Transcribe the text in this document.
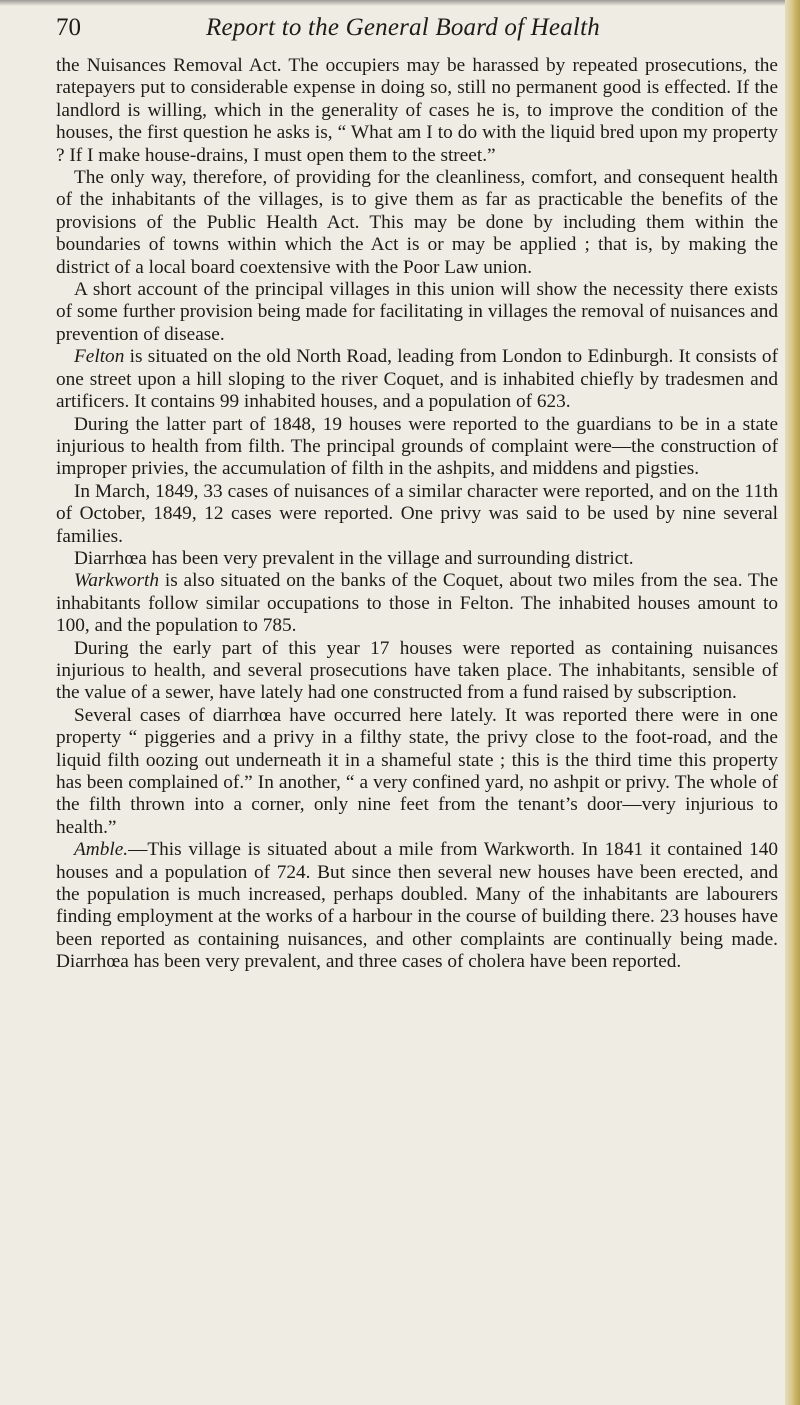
70	Report to the General Board of Health

the Nuisances Removal Act. The occupiers may be harassed by repeated prosecutions, the ratepayers put to considerable expense in doing so, still no permanent good is effected. If the landlord is willing, which in the generality of cases he is, to improve the condition of the houses, the first question he asks is, “ What am I to do with the liquid bred upon my property ? If I make house-drains, I must open them to the street.”

The only way, therefore, of providing for the cleanliness, comfort, and consequent health of the inhabitants of the villages, is to give them as far as practicable the benefits of the provisions of the Public Health Act. This may be done by including them within the boundaries of towns within which the Act is or may be applied ; that is, by making the district of a local board coextensive with the Poor Law union.

A short account of the principal villages in this union will show the necessity there exists of some further provision being made for facilitating in villages the removal of nuisances and prevention of disease.

Felton is situated on the old North Road, leading from London to Edinburgh. It consists of one street upon a hill sloping to the river Coquet, and is inhabited chiefly by tradesmen and artificers. It contains 99 inhabited houses, and a population of 623.

During the latter part of 1848, 19 houses were reported to the guardians to be in a state injurious to health from filth. The principal grounds of complaint were—the construction of improper privies, the accumulation of filth in the ashpits, and middens and pigsties.

In March, 1849, 33 cases of nuisances of a similar character were reported, and on the 11th of October, 1849, 12 cases were reported. One privy was said to be used by nine several families.

Diarrhœa has been very prevalent in the village and surrounding district.

Warkworth is also situated on the banks of the Coquet, about two miles from the sea. The inhabitants follow similar occupations to those in Felton. The inhabited houses amount to 100, and the population to 785.

During the early part of this year 17 houses were reported as containing nuisances injurious to health, and several prosecutions have taken place. The inhabitants, sensible of the value of a sewer, have lately had one constructed from a fund raised by subscription.

Several cases of diarrhœa have occurred here lately. It was reported there were in one property “ piggeries and a privy in a filthy state, the privy close to the foot-road, and the liquid filth oozing out underneath it in a shameful state ; this is the third time this property has been complained of.” In another, “ a very confined yard, no ashpit or privy. The whole of the filth thrown into a corner, only nine feet from the tenant’s door—very injurious to health.”

Amble.—This village is situated about a mile from Warkworth. In 1841 it contained 140 houses and a population of 724. But since then several new houses have been erected, and the population is much increased, perhaps doubled. Many of the inhabitants are labourers finding employment at the works of a harbour in the course of building there. 23 houses have been reported as containing nuisances, and other complaints are continually being made. Diarrhœa has been very prevalent, and three cases of cholera have been reported.
